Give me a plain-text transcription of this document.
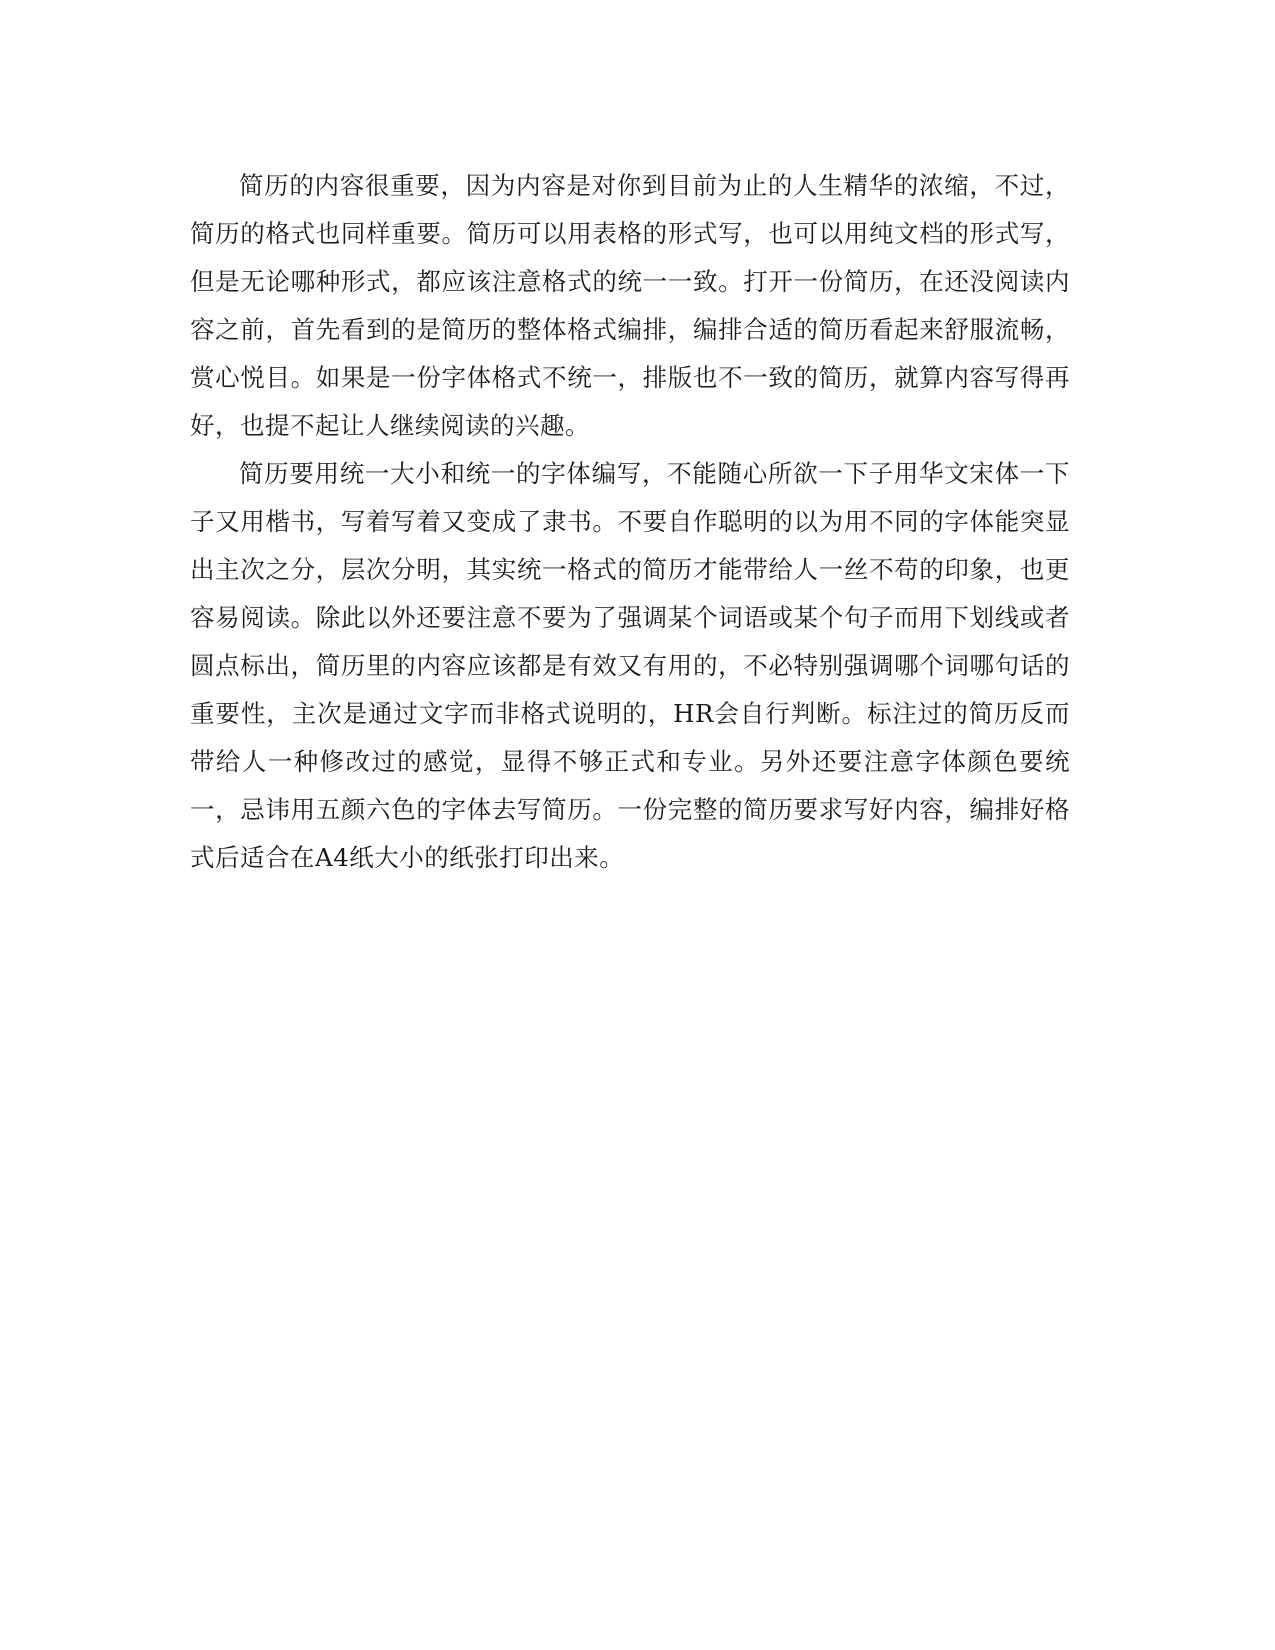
简历的内容很重要，因为内容是对你到目前为止的人生精华的浓缩，不过，简历的格式也同样重要。简历可以用表格的形式写，也可以用纯文档的形式写，但是无论哪种形式，都应该注意格式的统一一致。打开一份简历，在还没阅读内容之前，首先看到的是简历的整体格式编排，编排合适的简历看起来舒服流畅，赏心悦目。如果是一份字体格式不统一，排版也不一致的简历，就算内容写得再好，也提不起让人继续阅读的兴趣。

简历要用统一大小和统一的字体编写，不能随心所欲一下子用华文宋体一下子又用楷书，写着写着又变成了隶书。不要自作聪明的以为用不同的字体能突显出主次之分，层次分明，其实统一格式的简历才能带给人一丝不苟的印象，也更容易阅读。除此以外还要注意不要为了强调某个词语或某个句子而用下划线或者圆点标出，简历里的内容应该都是有效又有用的，不必特别强调哪个词哪句话的重要性，主次是通过文字而非格式说明的，HR会自行判断。标注过的简历反而带给人一种修改过的感觉，显得不够正式和专业。另外还要注意字体颜色要统一，忌讳用五颜六色的字体去写简历。一份完整的简历要求写好内容，编排好格式后适合在A4纸大小的纸张打印出来。
